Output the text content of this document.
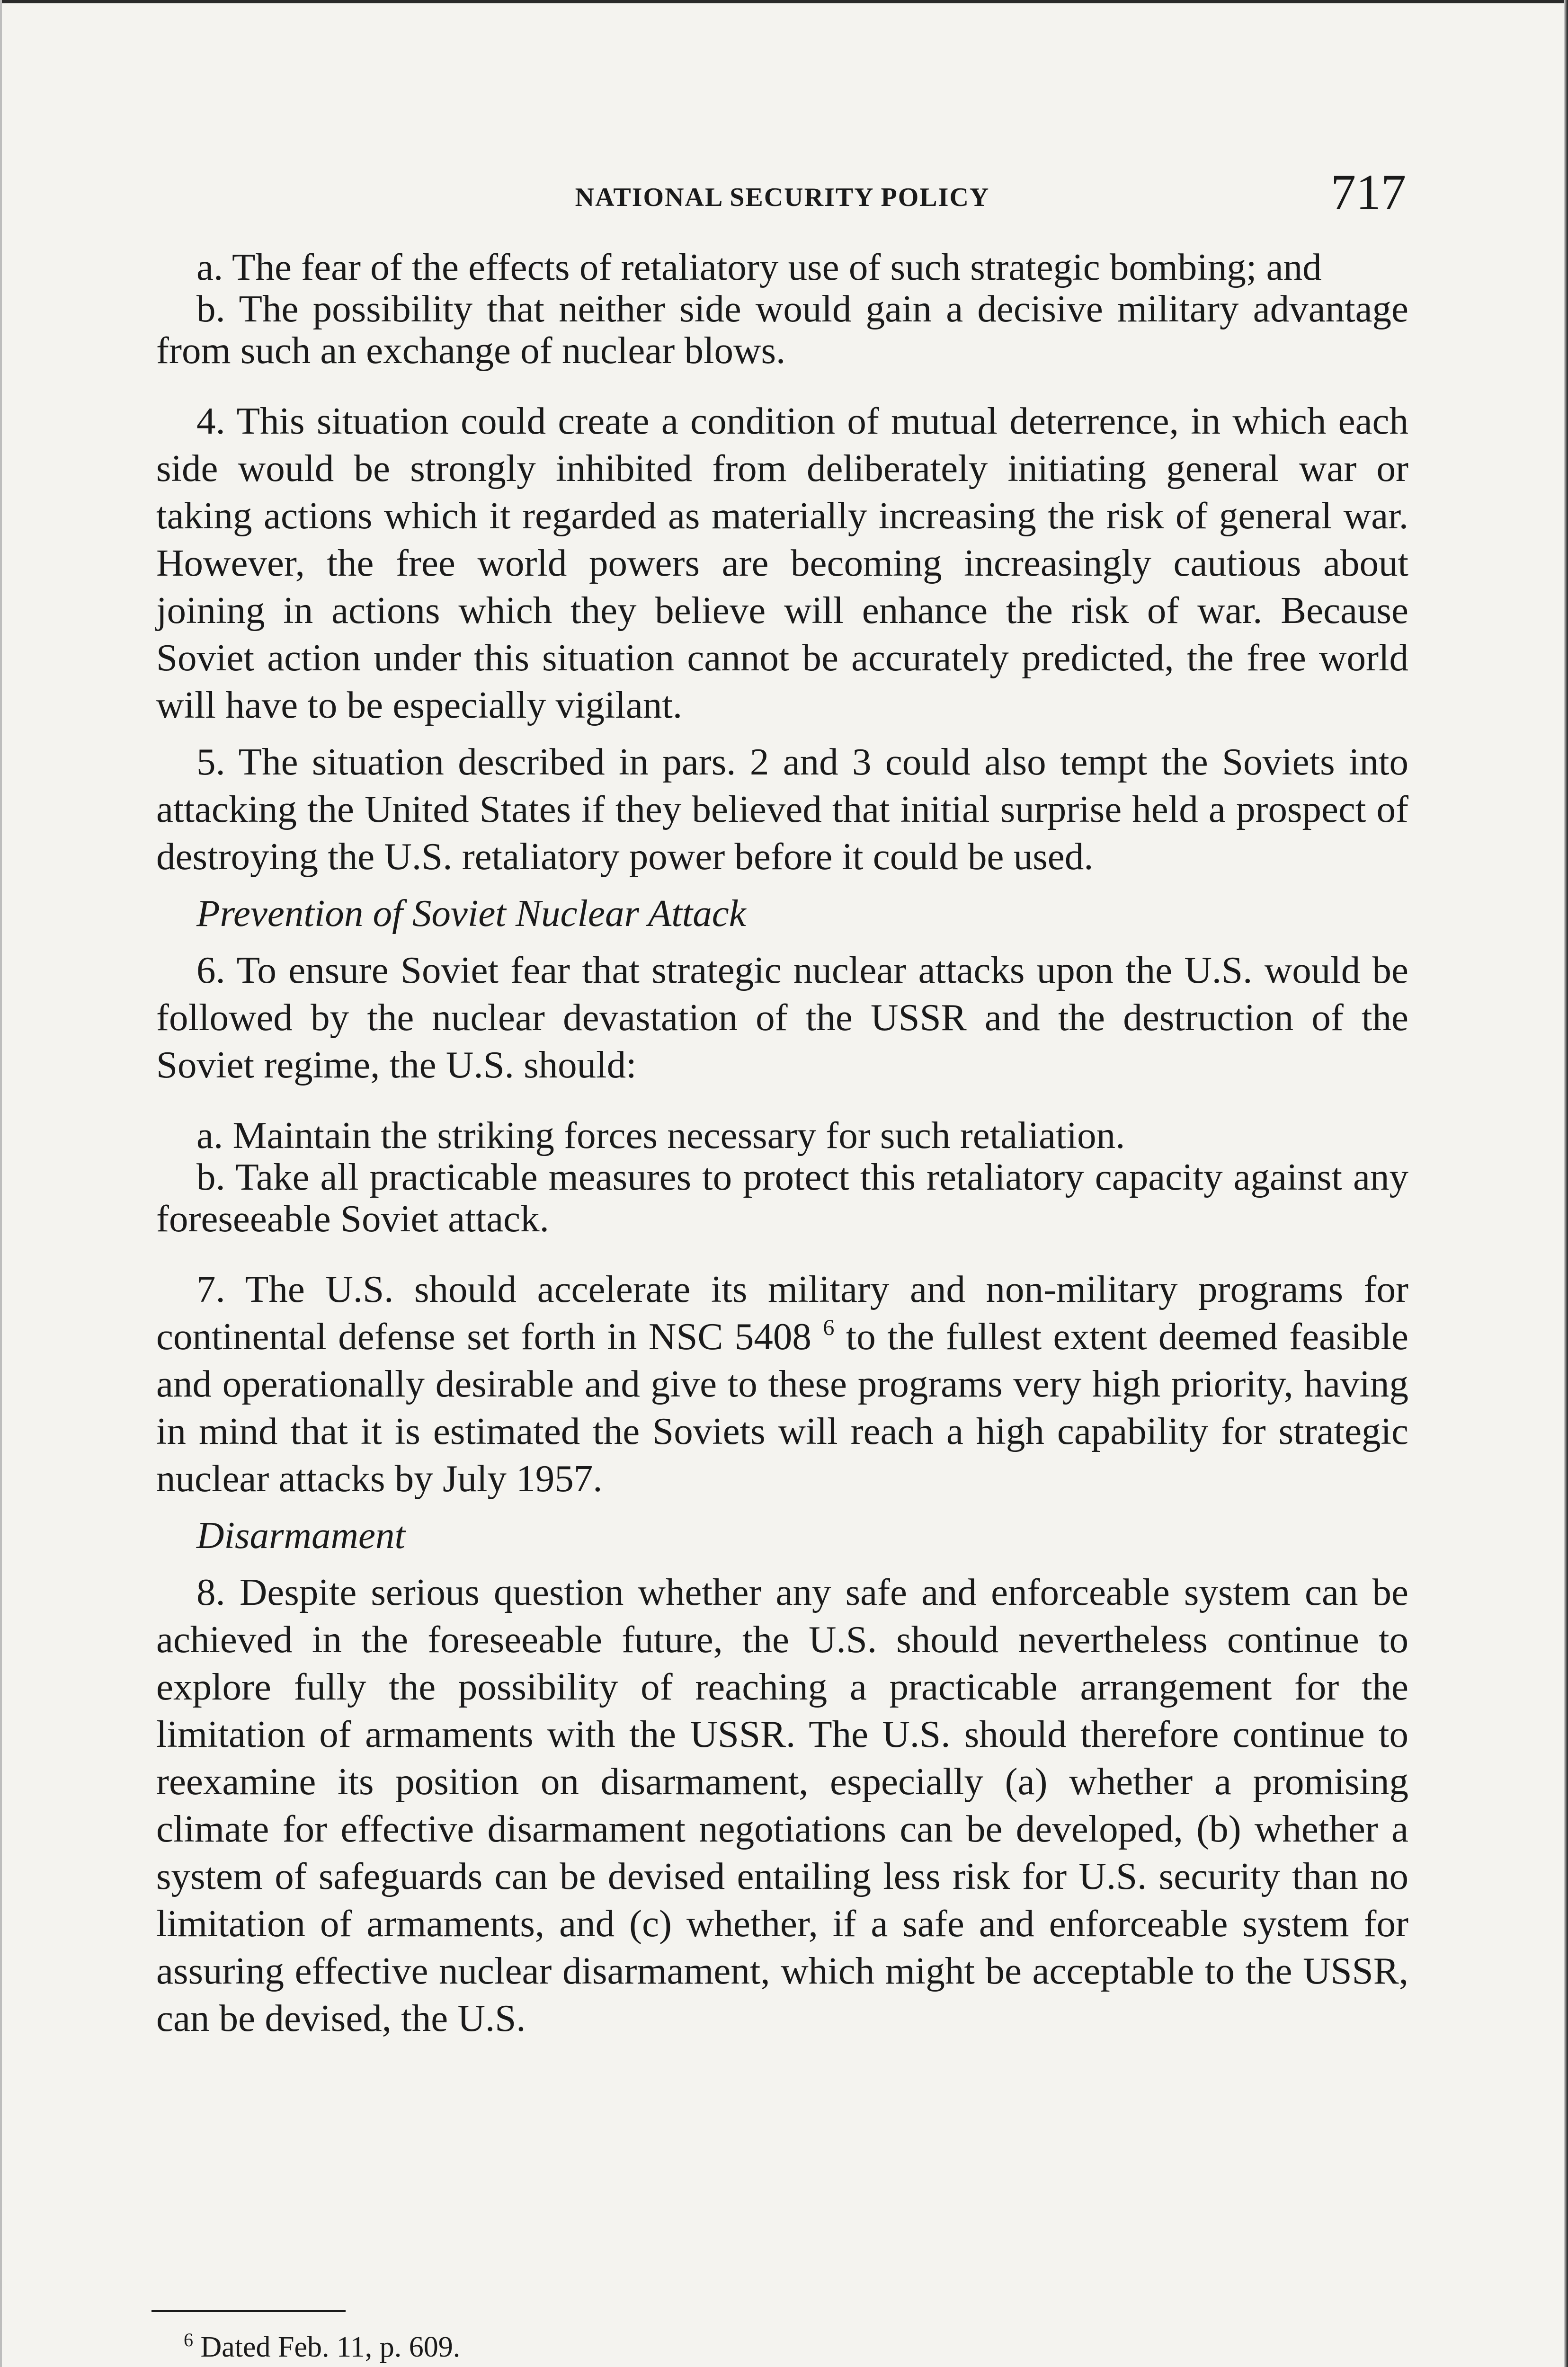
NATIONAL SECURITY POLICY	717

a. The fear of the effects of retaliatory use of such strategic bombing; and

b. The possibility that neither side would gain a decisive military advantage from such an exchange of nuclear blows.

4. This situation could create a condition of mutual deterrence, in which each side would be strongly inhibited from deliberately initiating general war or taking actions which it regarded as materially increasing the risk of general war. However, the free world powers are becoming increasingly cautious about joining in actions which they believe will enhance the risk of war. Because Soviet action under this situation cannot be accurately predicted, the free world will have to be especially vigilant.

5. The situation described in pars. 2 and 3 could also tempt the Soviets into attacking the United States if they believed that initial surprise held a prospect of destroying the U.S. retaliatory power before it could be used.

Prevention of Soviet Nuclear Attack

6. To ensure Soviet fear that strategic nuclear attacks upon the U.S. would be followed by the nuclear devastation of the USSR and the destruction of the Soviet regime, the U.S. should:

a. Maintain the striking forces necessary for such retaliation.

b. Take all practicable measures to protect this retaliatory capacity against any foreseeable Soviet attack.

7. The U.S. should accelerate its military and non-military programs for continental defense set forth in NSC 5408 $^6$ to the fullest extent deemed feasible and operationally desirable and give to these programs very high priority, having in mind that it is estimated the Soviets will reach a high capability for strategic nuclear attacks by July 1957.

Disarmament

8. Despite serious question whether any safe and enforceable system can be achieved in the foreseeable future, the U.S. should nevertheless continue to explore fully the possibility of reaching a practicable arrangement for the limitation of armaments with the USSR. The U.S. should therefore continue to reexamine its position on disarmament, especially (a) whether a promising climate for effective disarmament negotiations can be developed, (b) whether a system of safeguards can be devised entailing less risk for U.S. security than no limitation of armaments, and (c) whether, if a safe and enforceable system for assuring effective nuclear disarmament, which might be acceptable to the USSR, can be devised, the U.S.

$^6$ Dated Feb. 11, p. 609.
